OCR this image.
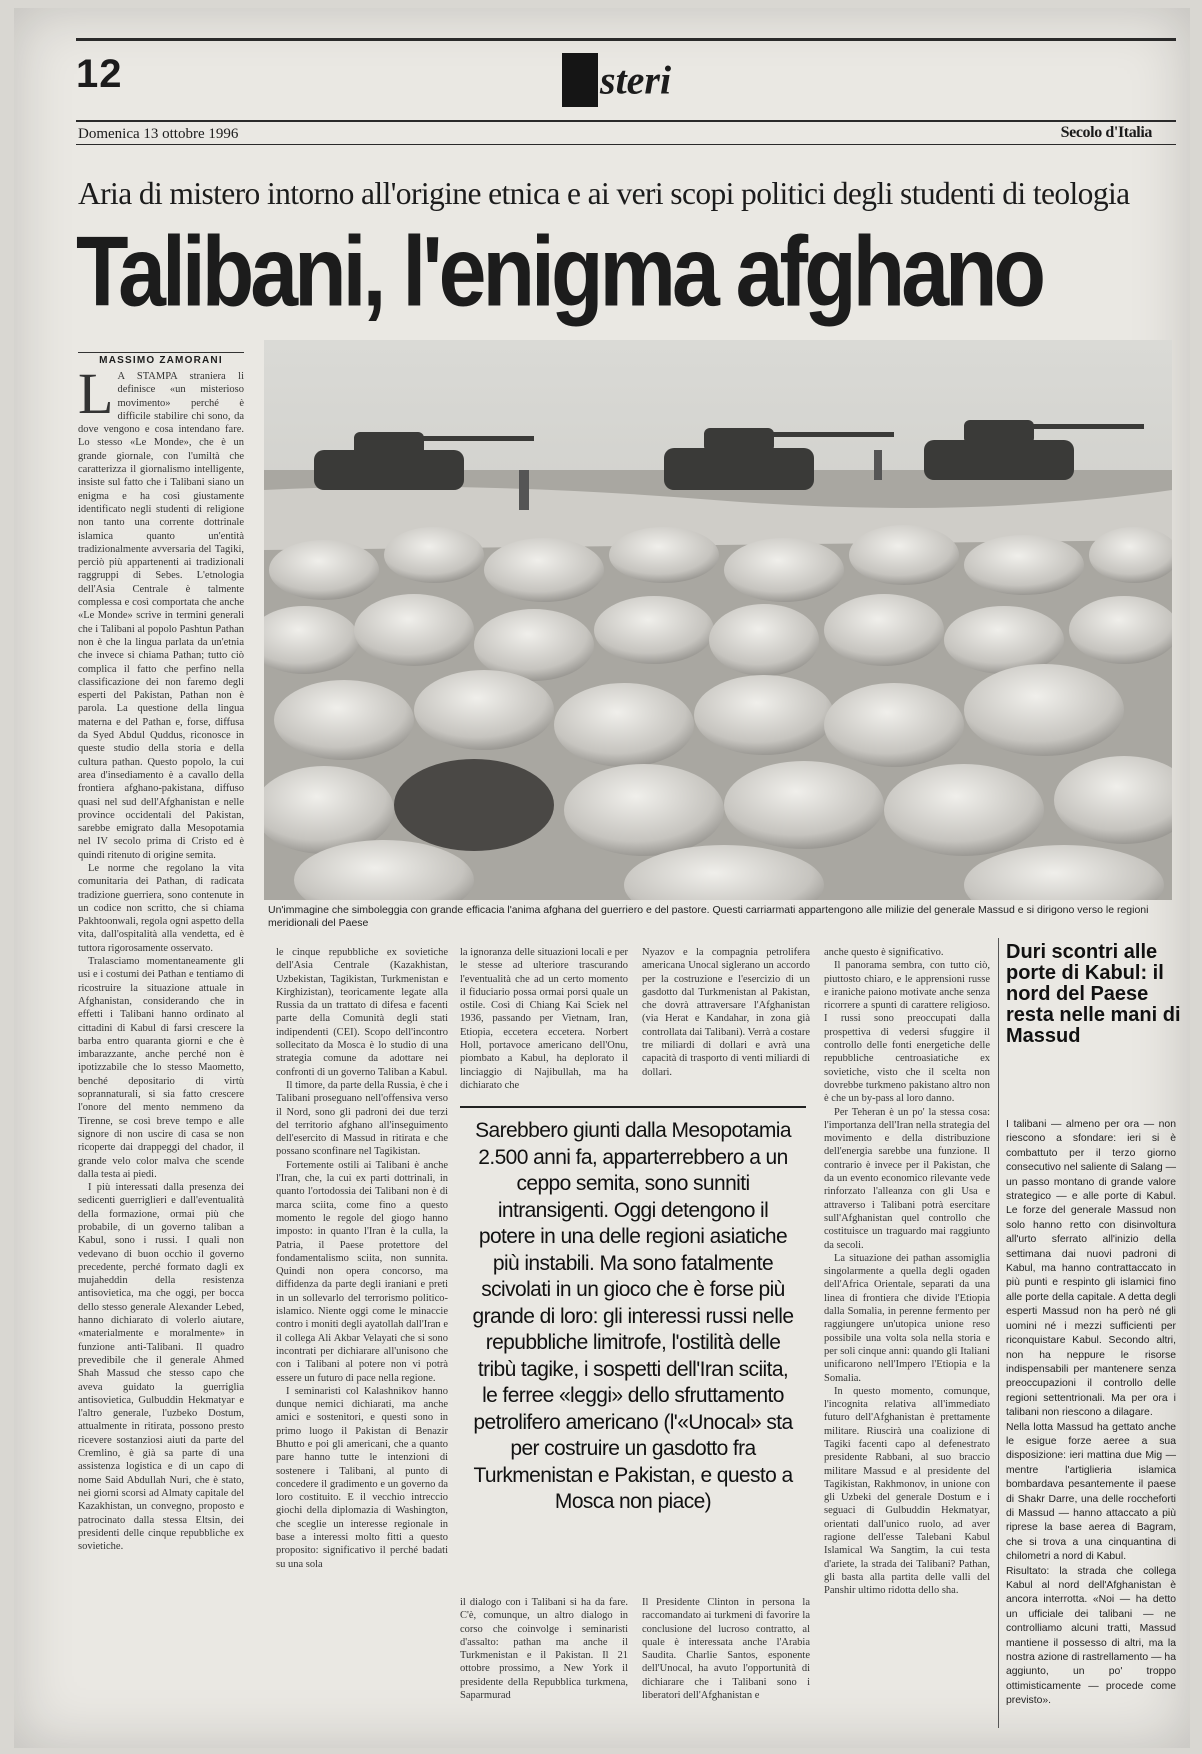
12	steri
Domenica 13 ottobre 1996	Secolo d'Italia
Aria di mistero intorno all'origine etnica e ai veri scopi politici degli studenti di teologia
Talibani, l'enigma afghano
MASSIMO ZAMORANI
L A STAMPA straniera li definisce «un misterioso movimento» perché è difficile stabilire chi sono, da dove vengono e cosa intendano fare. Lo stesso «Le Monde», che è un grande giornale, con l'umiltà che caratterizza il giornalismo intelligente, insiste sul fatto che i Talibani siano un enigma e ha così giustamente identificato negli studenti di religione non tanto una corrente dottrinale islamica quanto un'entità tradizionalmente avversaria del Tagiki, perciò più appartenenti ai tradizionali raggruppi di Sebes. L'etnologia dell'Asia Centrale è talmente complessa e così comportata che anche «Le Monde» scrive in termini generali che i Talibani al popolo Pashtun Pathan non è che la lingua parlata da un'etnia che invece si chiama Pathan; tutto ciò complica il fatto che perfino nella classificazione dei non faremo degli esperti del Pakistan, Pathan non è parola. La questione della lingua materna e del Pathan e, forse, diffusa da Syed Abdul Quddus, riconosce in queste studio della storia e della cultura pathan. Questo popolo, la cui area d'insediamento è a cavallo della frontiera afghano-pakistana, diffuso quasi nel sud dell'Afghanistan e nelle province occidentali del Pakistan, sarebbe emigrato dalla Mesopotamia nel IV secolo prima di Cristo ed è quindi ritenuto di origine semita.

Le norme che regolano la vita comunitaria dei Pathan, di radicata tradizione guerriera, sono contenute in un codice non scritto, che si chiama Pakhtoonwali, regola ogni aspetto della vita, dall'ospitalità alla vendetta, ed è tuttora rigorosamente osservato.

Tralasciamo momentaneamente gli usi e i costumi dei Pathan e tentiamo di ricostruire la situazione attuale in Afghanistan, considerando che in effetti i Talibani hanno ordinato al cittadini di Kabul di farsi crescere la barba entro quaranta giorni e che è imbarazzante, anche perché non è ipotizzabile che lo stesso Maometto, benché depositario di virtù soprannaturali, si sia fatto crescere l'onore del mento nemmeno da Tirenne, se così breve tempo e alle signore di non uscire di casa se non ricoperte dai drappeggi del chador, il grande velo color malva che scende dalla testa ai piedi.

I più interessati dalla presenza dei sedicenti guerriglieri e dall'eventualità della formazione, ormai più che probabile, di un governo taliban a Kabul, sono i russi. I quali non vedevano di buon occhio il governo precedente, perché formato dagli ex mujaheddin della resistenza antisovietica, ma che oggi, per bocca dello stesso generale Alexander Lebed, hanno dichiarato di volerlo aiutare, «materialmente e moralmente» in funzione anti-Talibani. Il quadro prevedibile che il generale Ahmed Shah Massud che stesso capo che aveva guidato la guerriglia antisovietica, Gulbuddin Hekmatyar e l'altro generale, l'uzbeko Dostum, attualmente in ritirata, possono presto ricevere sostanziosi aiuti da parte del Cremlino, è già sa parte di una assistenza logistica e di un capo di nome Said Abdullah Nuri, che è stato, nei giorni scorsi ad Almaty capitale del Kazakhistan, un convegno, proposto e patrocinato dalla stessa Eltsin, dei presidenti delle cinque repubbliche ex sovietiche.

Un'immagine che simboleggia con grande efficacia l'anima afghana del guerriero e del pastore. Questi carriarmati appartengono alle milizie del generale Massud e si dirigono verso le regioni meridionali del Paese

le cinque repubbliche ex sovietiche dell'Asia Centrale (Kazakhistan, Uzbekistan, Tagikistan, Turkmenistan e Kirghizistan), teoricamente legate alla Russia da un trattato di difesa e facenti parte della Comunità degli stati indipendenti (CEI). Scopo dell'incontro sollecitato da Mosca è lo studio di una strategia comune da adottare nei confronti di un governo Taliban a Kabul.

Il timore, da parte della Russia, è che i Talibani proseguano nell'offensiva verso il Nord, sono gli padroni dei due terzi del territorio afghano all'inseguimento dell'esercito di Massud in ritirata e che possano sconfinare nel Tagikistan.

Fortemente ostili ai Talibani è anche l'Iran, che, la cui ex parti dottrinali, in quanto l'ortodossia dei Talibani non è di marca sciita, come fino a questo momento le regole del giogo hanno imposto: in quanto l'Iran è la culla, la Patria, il Paese protettore del fondamentalismo sciita, non sunnita. Quindi non opera concorso, ma diffidenza da parte degli iraniani e preti in un sollevarlo del terrorismo politico-islamico. Niente oggi come le minaccie contro i moniti degli ayatollah dall'Iran e il collega Ali Akbar Velayati che si sono incontrati per dichiarare all'unisono che con i Talibani al potere non vi potrà essere un futuro di pace nella regione.

I seminaristi col Kalashnikov hanno dunque nemici dichiarati, ma anche amici e sostenitori, e questi sono in primo luogo il Pakistan di Benazir Bhutto e poi gli americani, che a quanto pare hanno tutte le intenzioni di sostenere i Talibani, al punto di concedere il gradimento e un governo da loro costituito. E il vecchio intreccio giochi della diplomazia di Washington, che sceglie un interesse regionale in base a interessi molto fitti a questo proposito: significativo il perché badati su una sola

la ignoranza delle situazioni locali e per le stesse ad ulteriore trascurando l'eventualità che ad un certo momento il fiduciario possa ormai porsi quale un ostile. Così di Chiang Kai Sciek nel 1936, passando per Vietnam, Iran, Etiopia, eccetera eccetera. Norbert Holl, portavoce americano dell'Onu, piombato a Kabul, ha deplorato il linciaggio di Najibullah, ma ha dichiarato che

il dialogo con i Talibani si ha da fare. C'è, comunque, un altro dialogo in corso che coinvolge i seminaristi d'assalto: pathan ma anche il Turkmenistan e il Pakistan. Il 21 ottobre prossimo, a New York il presidente della Repubblica turkmena, Saparmurad

Nyazov e la compagnia petrolifera americana Unocal siglerano un accordo per la costruzione e l'esercizio di un gasdotto dal Turkmenistan al Pakistan, che dovrà attraversare l'Afghanistan (via Herat e Kandahar, in zona già controllata dai Talibani). Verrà a costare tre miliardi di dollari e avrà una capacità di trasporto di venti miliardi di dollari.

Il Presidente Clinton in persona la raccomandato ai turkmeni di favorire la conclusione del lucroso contratto, al quale è interessata anche l'Arabia Saudita. Charlie Santos, esponente dell'Unocal, ha avuto l'opportunità di dichiarare che i Talibani sono i liberatori dell'Afghanistan e

Sarebbero giunti dalla Mesopotamia 2.500 anni fa, apparterrebbero a un ceppo semita, sono sunniti intransigenti. Oggi detengono il potere in una delle regioni asiatiche più instabili. Ma sono fatalmente scivolati in un gioco che è forse più grande di loro: gli interessi russi nelle repubbliche limitrofe, l'ostilità delle tribù tagike, i sospetti dell'Iran sciita, le ferree «leggi» dello sfruttamento petrolifero americano (l'«Unocal» sta per costruire un gasdotto fra Turkmenistan e Pakistan, e questo a Mosca non piace)

anche questo è significativo.

Il panorama sembra, con tutto ciò, piuttosto chiaro, e le apprensioni russe e iraniche paiono motivate anche senza ricorrere a spunti di carattere religioso. I russi sono preoccupati dalla prospettiva di vedersi sfuggire il controllo delle fonti energetiche delle repubbliche centroasiatiche ex sovietiche, visto che il scelta non dovrebbe turkmeno pakistano altro non è che un by-pass al loro danno.

Per Teheran è un po' la stessa cosa: l'importanza dell'Iran nella strategia del movimento e della distribuzione dell'energia sarebbe una funzione. Il contrario è invece per il Pakistan, che da un evento economico rilevante vede rinforzato l'alleanza con gli Usa e attraverso i Talibani potrà esercitare sull'Afghanistan quel controllo che costituisce un traguardo mai raggiunto da secoli.

La situazione dei pathan assomiglia singolarmente a quella degli ogaden dell'Africa Orientale, separati da una linea di frontiera che divide l'Etiopia dalla Somalia, in perenne fermento per raggiungere un'utopica unione reso possibile una volta sola nella storia e per soli cinque anni: quando gli Italiani unificarono nell'Impero l'Etiopia e la Somalia.

In questo momento, comunque, l'incognita relativa all'immediato futuro dell'Afghanistan è prettamente militare. Riuscirà una coalizione di Tagiki facenti capo al defenestrato presidente Rabbani, al suo braccio militare Massud e al presidente del Tagikistan, Rakhmonov, in unione con gli Uzbeki del generale Dostum e i seguaci di Gulbuddin Hekmatyar, orientati dall'unico ruolo, ad aver ragione dell'esse Talebani Kabul Islamical Wa Sangtim, la cui testa d'ariete, la strada dei Talibani? Pathan, gli basta alla partita delle valli del Panshir ultimo ridotta dello sha.

Duri scontri alle porte di Kabul: il nord del Paese resta nelle mani di Massud

I talibani — almeno per ora — non riescono a sfondare: ieri si è combattuto per il terzo giorno consecutivo nel saliente di Salang — un passo montano di grande valore strategico — e alle porte di Kabul. Le forze del generale Massud non solo hanno retto con disinvoltura all'urto sferrato all'inizio della settimana dai nuovi padroni di Kabul, ma hanno contrattaccato in più punti e respinto gli islamici fino alle porte della capitale. A detta degli esperti Massud non ha però né gli uomini né i mezzi sufficienti per riconquistare Kabul. Secondo altri, non ha neppure le risorse indispensabili per mantenere senza preoccupazioni il controllo delle regioni settentrionali. Ma per ora i talibani non riescono a dilagare.

Nella lotta Massud ha gettato anche le esigue forze aeree a sua disposizione: ieri mattina due Mig — mentre l'artiglieria islamica bombardava pesantemente il paese di Shakr Darre, una delle roccheforti di Massud — hanno attaccato a più riprese la base aerea di Bagram, che si trova a una cinquantina di chilometri a nord di Kabul.

Risultato: la strada che collega Kabul al nord dell'Afghanistan è ancora interrotta. «Noi — ha detto un ufficiale dei talibani — ne controlliamo alcuni tratti, Massud mantiene il possesso di altri, ma la nostra azione di rastrellamento — ha aggiunto, un po' troppo ottimisticamente — procede come previsto».
